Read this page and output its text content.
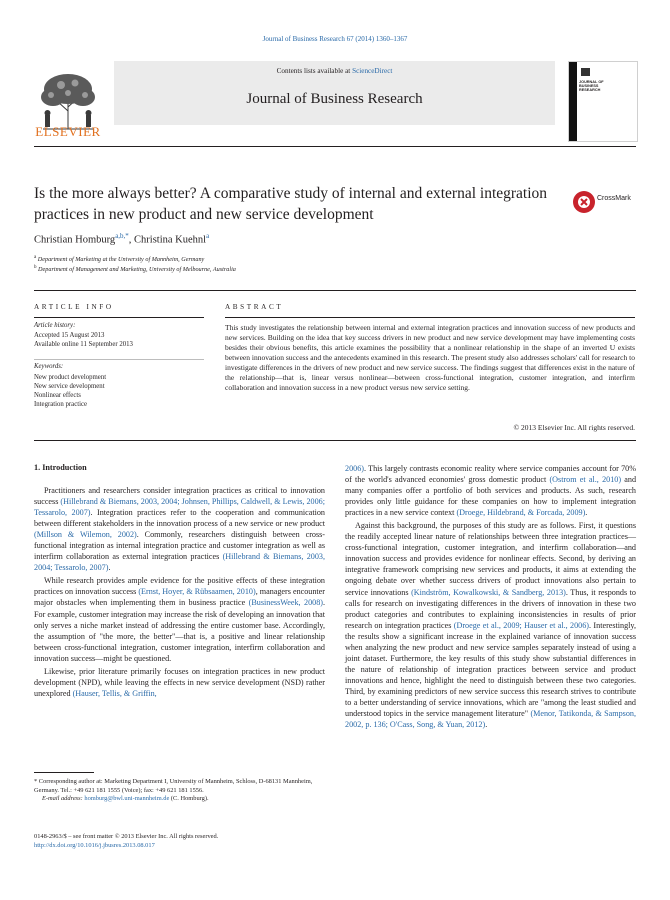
Journal of Business Research 67 (2014) 1360–1367
ELSEVIER
Contents lists available at ScienceDirect
Journal of Business Research
JOURNAL OF BUSINESS RESEARCH
Is the more always better? A comparative study of internal and external integration practices in new product and new service development
CrossMark
Christian Homburg$^{a,b,*}$, Christina Kuehnl$^a$
$^a$ Department of Marketing at the University of Mannheim, Germany
$^b$ Department of Management and Marketing, University of Melbourne, Australia
ARTICLE INFO
Article history:
Accepted 15 August 2013
Available online 11 September 2013
Keywords:
New product development
New service development
Nonlinear effects
Integration practice
ABSTRACT
This study investigates the relationship between internal and external integration practices and innovation success of new products and new services. Building on the idea that key success drivers in new product and new service development may have implementing costs besides their obvious benefits, this article examines the possibility that a nonlinear relationship in the shape of an inverted U exists between innovation success and the antecedents examined in this research. The present study also addresses scholars' call for research to investigate differences in the drivers of new product and new service success. The findings suggest that differences exist in the nature of the relationship—that is, linear versus nonlinear—between cross-functional integration, customer integration, and interfirm collaboration and innovation success in a new product versus new service setting.
© 2013 Elsevier Inc. All rights reserved.
1. Introduction

Practitioners and researchers consider integration practices as critical to innovation success (Hillebrand & Biemans, 2003, 2004; Johnsen, Phillips, Caldwell, & Lewis, 2006; Tessarolo, 2007). Integration practices refer to the cooperation and communication between different stakeholders in the innovation process of a new service or new product (Millson & Wilemon, 2002). Commonly, researchers distinguish between cross-functional integration as internal integration practice and customer integration as well as interfirm collaboration as external integration practices (Hillebrand & Biemans, 2003, 2004; Tessarolo, 2007).

While research provides ample evidence for the positive effects of these integration practices on innovation success (Ernst, Hoyer, & Rübsaamen, 2010), managers encounter major obstacles when implementing them in business practice (BusinessWeek, 2008). For example, customer integration may increase the risk of developing an innovation that only serves a niche market instead of addressing the entire customer base. Accordingly, the assumption of "the more, the better"—that is, a positive and linear relationship between cross-functional integration, customer integration, interfirm collaboration and innovation success—might be questioned.

Likewise, prior literature primarily focuses on integration practices in new product development (NPD), while leaving the effects in new service development (NSD) rather unexplored (Hauser, Tellis, & Griffin,

2006). This largely contrasts economic reality where service companies account for 70% of the world's advanced economies' gross domestic product (Ostrom et al., 2010) and many companies offer a portfolio of both services and products. As such, research provides only little guidance for these companies on how to implement integration practices in a new service context (Droege, Hildebrand, & Forcada, 2009).

Against this background, the purposes of this study are as follows. First, it questions the readily accepted linear nature of relationships between three integration practices—cross-functional integration, customer integration, and interfirm collaboration—and innovation success and provides evidence for nonlinear effects. Second, by deriving an integrative framework comprising new services and products, it aims at extending the ongoing debate over whether success drivers of product innovations also pertain to service innovations (Kindström, Kowalkowski, & Sandberg, 2013). Thus, it responds to calls for research on investigating differences in the drivers of innovation in these two product categories and contributes to explaining inconsistencies in results of prior research on integration practices (Droege et al., 2009; Hauser et al., 2006). Interestingly, the results show a significant increase in the explained variance of innovation success when analyzing the new product and new service samples separately instead of using a joint dataset. Furthermore, the key results of this study show substantial differences in the nature of relationship of integration practices between service and product innovations and hence, highlight the need to distinguish between these two categories. Third, by examining predictors of new service success this research strives to contribute to a better understanding of service innovations, which are "among the least studied and understood topics in the service management literature" (Menor, Tatikonda, & Sampson, 2002, p. 136; O'Cass, Song, & Yuan, 2012).

* Corresponding author at: Marketing Department I, University of Mannheim, Schloss, D-68131 Mannheim, Germany. Tel.: +49 621 181 1555 (Voice); fax: +49 621 181 1556.
E-mail address: homburg@bwl.uni-mannheim.de (C. Homburg).
0148-2963/$ – see front matter © 2013 Elsevier Inc. All rights reserved.
http://dx.doi.org/10.1016/j.jbusres.2013.08.017
